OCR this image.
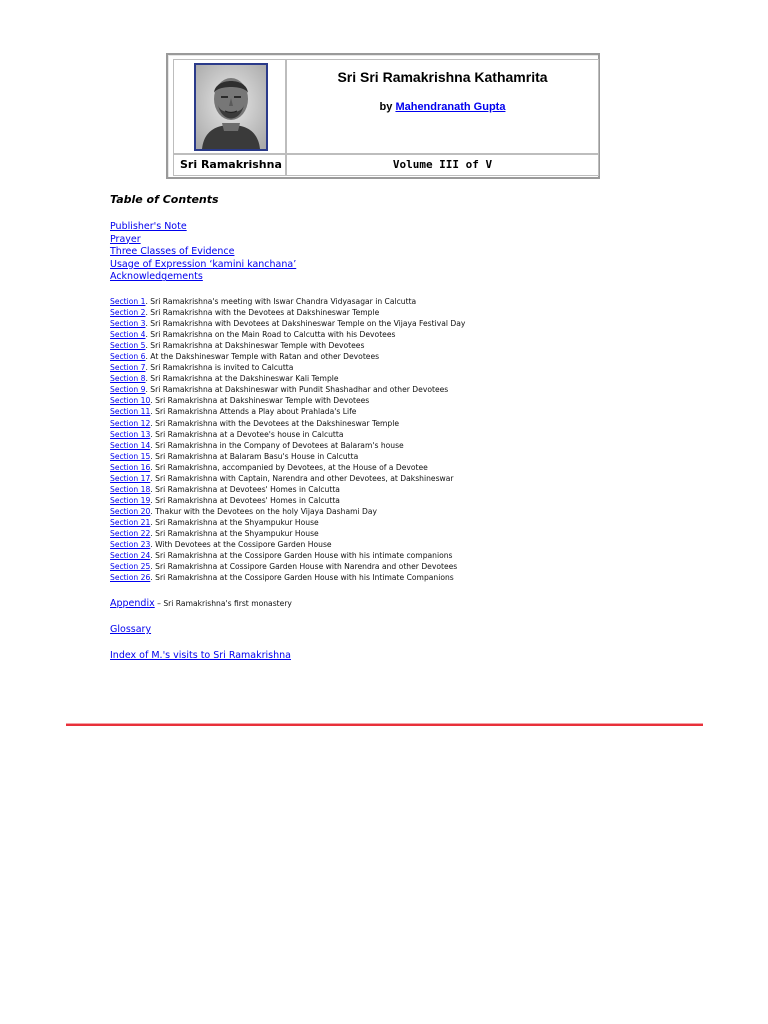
Sri Sri Ramakrishna Kathamrita
by Mahendranath Gupta
Sri Ramakrishna	Volume III of V
Table of Contents
Publisher's Note
Prayer
Three Classes of Evidence
Usage of Expression ‘kamini kanchana’
Acknowledgements
Section 1. Sri Ramakrishna's meeting with Iswar Chandra Vidyasagar in Calcutta
Section 2. Sri Ramakrishna with the Devotees at Dakshineswar Temple
Section 3. Sri Ramakrishna with Devotees at Dakshineswar Temple on the Vijaya Festival Day
Section 4. Sri Ramakrishna on the Main Road to Calcutta with his Devotees
Section 5. Sri Ramakrishna at Dakshineswar Temple with Devotees
Section 6. At the Dakshineswar Temple with Ratan and other Devotees
Section 7. Sri Ramakrishna is invited to Calcutta
Section 8. Sri Ramakrishna at the Dakshineswar Kali Temple
Section 9. Sri Ramakrishna at Dakshineswar with Pundit Shashadhar and other Devotees
Section 10. Sri Ramakrishna at Dakshineswar Temple with Devotees
Section 11. Sri Ramakrishna Attends a Play about Prahlada's Life
Section 12. Sri Ramakrishna with the Devotees at the Dakshineswar Temple
Section 13. Sri Ramakrishna at a Devotee's house in Calcutta
Section 14. Sri Ramakrishna in the Company of Devotees at Balaram's house
Section 15. Sri Ramakrishna at Balaram Basu's House in Calcutta
Section 16. Sri Ramakrishna, accompanied by Devotees, at the House of a Devotee
Section 17. Sri Ramakrishna with Captain, Narendra and other Devotees, at Dakshineswar
Section 18. Sri Ramakrishna at Devotees' Homes in Calcutta
Section 19. Sri Ramakrishna at Devotees' Homes in Calcutta
Section 20. Thakur with the Devotees on the holy Vijaya Dashami Day
Section 21. Sri Ramakrishna at the Shyampukur House
Section 22. Sri Ramakrishna at the Shyampukur House
Section 23. With Devotees at the Cossipore Garden House
Section 24. Sri Ramakrishna at the Cossipore Garden House with his intimate companions
Section 25. Sri Ramakrishna at Cossipore Garden House with Narendra and other Devotees
Section 26. Sri Ramakrishna at the Cossipore Garden House with his Intimate Companions
Appendix – Sri Ramakrishna's first monastery
Glossary
Index of M.'s visits to Sri Ramakrishna
